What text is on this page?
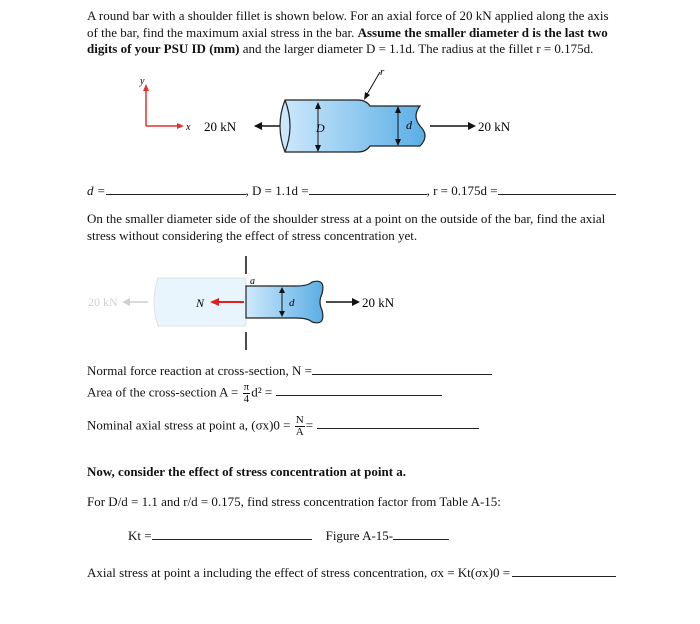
A round bar with a shoulder fillet is shown below. For an axial force of 20 kN applied along the axis of the bar, find the maximum axial stress in the bar. Assume the smaller diameter d is the last two digits of your PSU ID (mm) and the larger diameter D = 1.1d. The radius at the fillet r = 0.175d.
y
x 20 kN	D	d
r
20 kN
d =	, D = 1.1d =	, r = 0.175d =
On the smaller diameter side of the shoulder stress at a point on the outside of the bar, find the axial stress without considering the effect of stress concentration yet.
20 kN	N
a
d	20 kN
Normal force reaction at cross-section, N =
Area of the cross-section $A = \frac{\pi}{4} d^2$ =
Nominal axial stress at point a, $(\sigma x)0 = \frac{N}{A}$ =
Now, consider the effect of stress concentration at point a.
For D/d = 1.1 and r/d = 0.175, find stress concentration factor from Table A-15:
Kt =	Figure A-15-
Axial stress at point a including the effect of stress concentration, σx = Kt(σx)0 =
